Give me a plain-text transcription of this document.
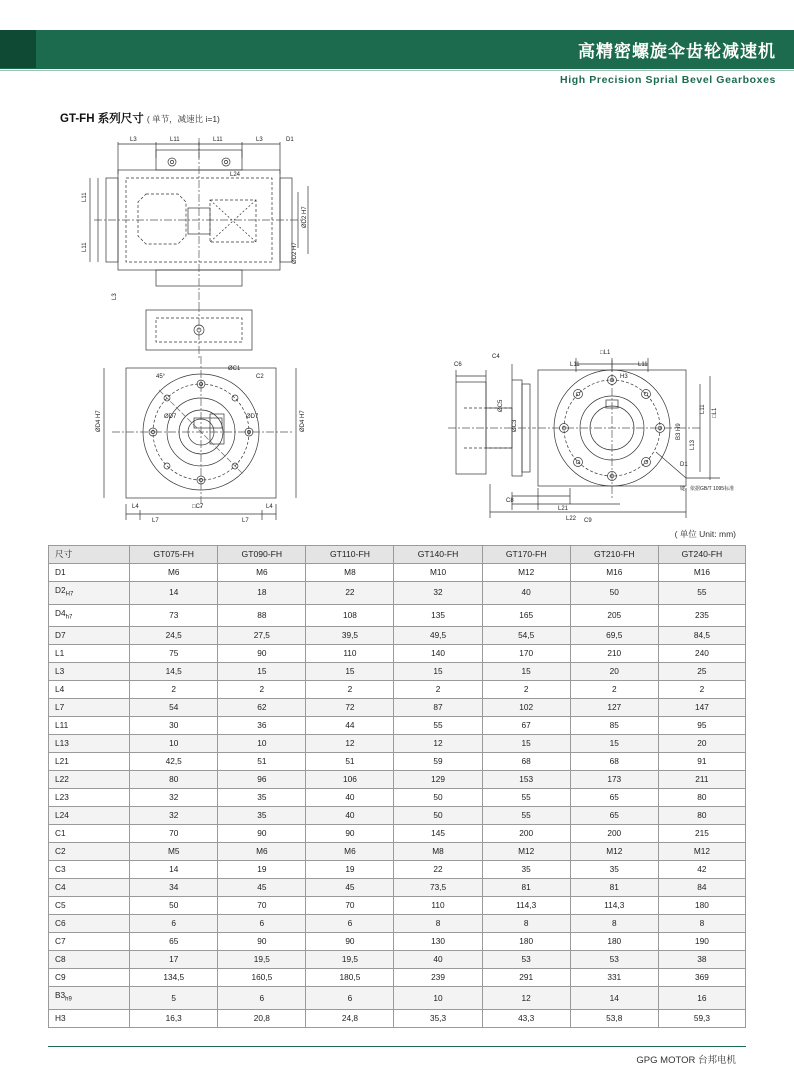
高精密螺旋伞齿轮减速机
High Precision Sprial Bevel Gearboxes
GT-FH 系列尺寸 ( 单节，减速比 i=1)
L3	L11	L11	L3	D1
L24
L11
L11
L3
ØD2 H7
ØD2 H7
45°
ØC1
C2
ØD7	ØD7
ØD4 H7	ØD4 H7
L4	L4
□C7
L7	L7
C6
C4
□L1
L11	L11
H3
ØC5
ØC3
L11 □L1
B3 H9
L13
C8
L21
L22 C9
D1
键、依据GB/T 1095标准
( 单位 Unit: mm)
尺寸	GT075-FH	GT090-FH	GT110-FH	GT140-FH	GT170-FH	GT210-FH	GT240-FH
D1	M6	M6	M8	M10	M12	M16	M16
$D2_{H7}$	14	18	22	32	40	50	55
$D4_{h7}$	73	88	108	135	165	205	235
D7	24,5	27,5	39,5	49,5	54,5	69,5	84,5
L1	75	90	110	140	170	210	240
L3	14,5	15	15	15	15	20	25
L4	2	2	2	2	2	2	2
L7	54	62	72	87	102	127	147
L11	30	36	44	55	67	85	95
L13	10	10	12	12	15	15	20
L21	42,5	51	51	59	68	68	91
L22	80	96	106	129	153	173	211
L23	32	35	40	50	55	65	80
L24	32	35	40	50	55	65	80
C1	70	90	90	145	200	200	215
C2	M5	M6	M6	M8	M12	M12	M12
C3	14	19	19	22	35	35	42
C4	34	45	45	73,5	81	81	84
C5	50	70	70	110	114,3	114,3	180
C6	6	6	6	8	8	8	8
C7	65	90	90	130	180	180	190
C8	17	19,5	19,5	40	53	53	38
C9	134,5	160,5	180,5	239	291	331	369
$B3_{h9}$	5	6	6	10	12	14	16
H3	16,3	20,8	24,8	35,3	43,3	53,8	59,3
GPG MOTOR 台邦电机
